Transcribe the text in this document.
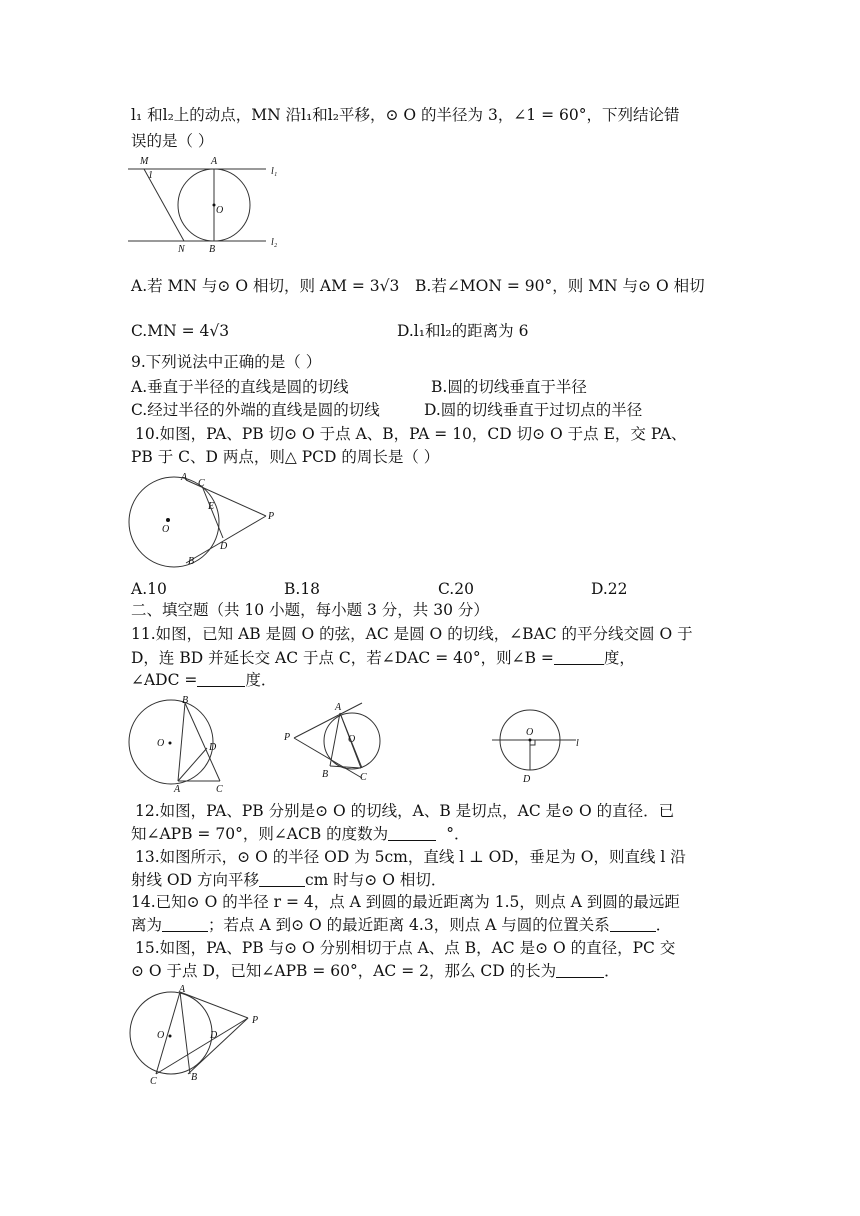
l₁ 和l₂上的动点，MN 沿l₁和l₂平移，⊙ O 的半径为 3，∠1 = 60°，下列结论错
误的是（ ）
M
1
A
O
l₁
l₂
N B
A.若 MN 与⊙ O 相切，则 AM = 3√3 B.若∠MON = 90°，则 MN 与⊙ O 相切
C.MN = 4√3	D.l₁和l₂的距离为 6
9.下列说法中正确的是（ ）
A.垂直于半径的直线是圆的切线	B.圆的切线垂直于半径
C.经过半径的外端的直线是圆的切线	D.圆的切线垂直于过切点的半径
10.如图，PA、PB 切⊙ O 于点 A、B，PA = 10，CD 切⊙ O 于点 E，交 PA、
PB 于 C、D 两点，则△ PCD 的周长是（ ）
A
C
E
P
O
D
B
A.10	B.18	C.20	D.22
二、填空题（共 10 小题，每小题 3 分，共 30 分）
11.如图，已知 AB 是圆 O 的弦，AC 是圆 O 的切线，∠BAC 的平分线交圆 O 于
D，连 BD 并延长交 AC 于点 C，若∠DAC = 40°，则∠B =	度，
∠ADC =	度．
B
O	D
A	C
A
P	O
B	C
O
l
D
12.如图，PA、PB 分别是⊙ O 的切线，A、B 是切点，AC 是⊙ O 的直径．已
知∠APB = 70°，则∠ACB 的度数为	°．
13.如图所示，⊙ O 的半径 OD 为 5cm，直线 l ⊥ OD，垂足为 O，则直线 l 沿
射线 OD 方向平移	cm 时与⊙ O 相切．
14.已知⊙ O 的半径 r = 4，点 A 到圆的最近距离为 1.5，则点 A 到圆的最远距
离为	；若点 A 到⊙ O 的最近距离 4.3，则点 A 与圆的位置关系	．
15.如图，PA、PB 与⊙ O 分别相切于点 A、点 B，AC 是⊙ O 的直径，PC 交
⊙ O 于点 D，已知∠APB = 60°，AC = 2，那么 CD 的长为	．
A
O	D
P
C	B
